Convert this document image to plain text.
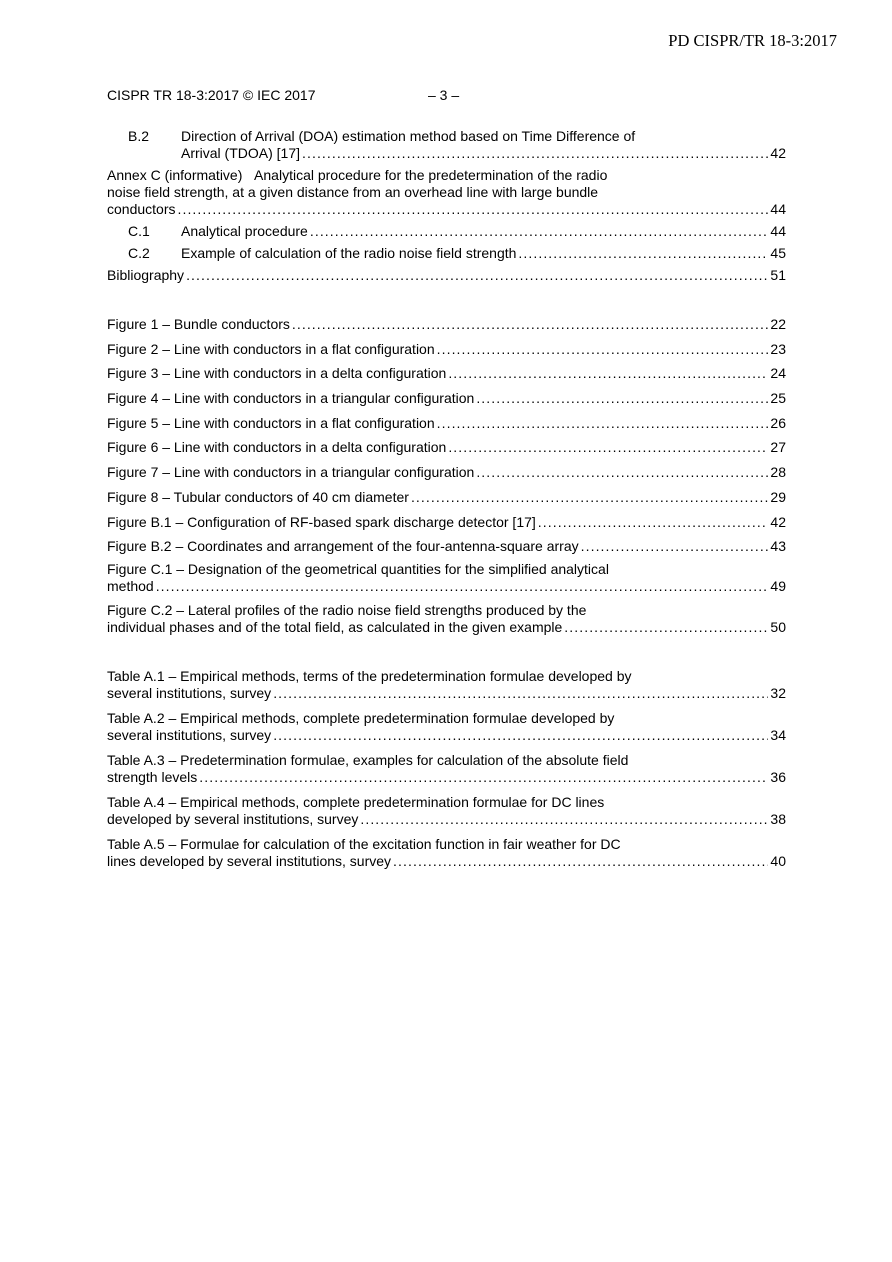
PD CISPR/TR 18-3:2017
CISPR TR 18-3:2017 © IEC 2017	– 3 –
B.2 Direction of Arrival (DOA) estimation method based on Time Difference of
Arrival (TDOA) [17] . . .	42
Annex C (informative)   Analytical procedure for the predetermination of the radio
noise field strength, at a given distance from an overhead line with large bundle
conductors . . .	44
C.1	Analytical procedure . . .	44
C.2	Example of calculation of the radio noise field strength . . .	45
Bibliography . . .	51
Figure 1 – Bundle conductors . . .	22
Figure 2 – Line with conductors in a flat configuration . . .	23
Figure 3 – Line with conductors in a delta configuration . . .	24
Figure 4 – Line with conductors in a triangular configuration . . .	25
Figure 5 – Line with conductors in a flat configuration . . .	26
Figure 6 – Line with conductors in a delta configuration . . .	27
Figure 7 – Line with conductors in a triangular configuration . . .	28
Figure 8 – Tubular conductors of 40 cm diameter . . .	29
Figure B.1 – Configuration of RF-based spark discharge detector [17] . . .	42
Figure B.2 – Coordinates and arrangement of the four-antenna-square array . . .	43
Figure C.1 – Designation of the geometrical quantities for the simplified analytical
method . . .	49
Figure C.2 – Lateral profiles of the radio noise field strengths produced by the
individual phases and of the total field, as calculated in the given example . . .	50
Table A.1 – Empirical methods, terms of the predetermination formulae developed by
several institutions, survey . . .	32
Table A.2 – Empirical methods, complete predetermination formulae developed by
several institutions, survey . . .	34
Table A.3 – Predetermination formulae, examples for calculation of the absolute field
strength levels . . .	36
Table A.4 – Empirical methods, complete predetermination formulae for DC lines
developed by several institutions, survey . . .	38
Table A.5 – Formulae for calculation of the excitation function in fair weather for DC
lines developed by several institutions, survey . . .	40
